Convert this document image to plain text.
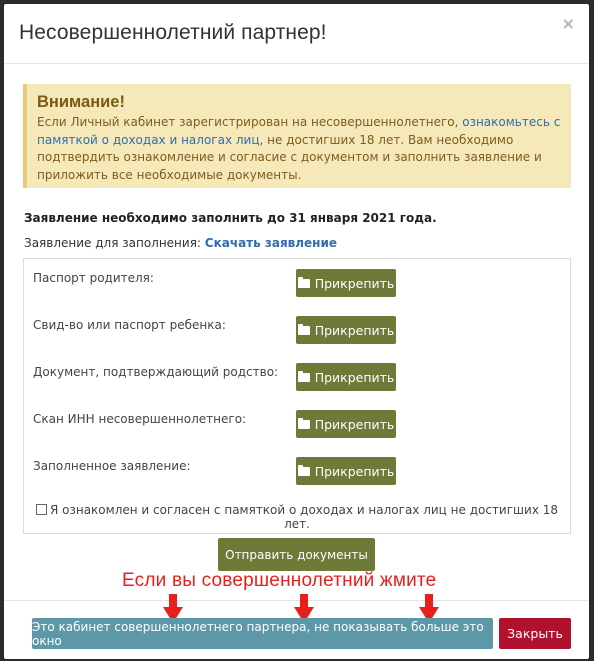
Несовершеннолетний партнер!	×
Внимание!
Если Личный кабинет зарегистрирован на несовершеннолетнего, ознакомьтесь с памяткой о доходах и налогах лиц, не достигших 18 лет. Вам необходимо подтвердить ознакомление и согласие с документом и заполнить заявление и приложить все необходимые документы.
Заявление необходимо заполнить до 31 января 2021 года.
Заявление для заполнения: Скачать заявление
Паспорт родителя:	Прикрепить
Свид-во или паспорт ребенка:	Прикрепить
Документ, подтверждающий родство:	Прикрепить
Скан ИНН несовершеннолетнего:	Прикрепить
Заполненное заявление:	Прикрепить
Я ознакомлен и согласен с памяткой о доходах и налогах лиц не достигших 18 лет.
Отправить документы
Если вы совершеннолетний жмите
Это кабинет совершеннолетнего партнера, не показывать больше это окно	Закрыть
